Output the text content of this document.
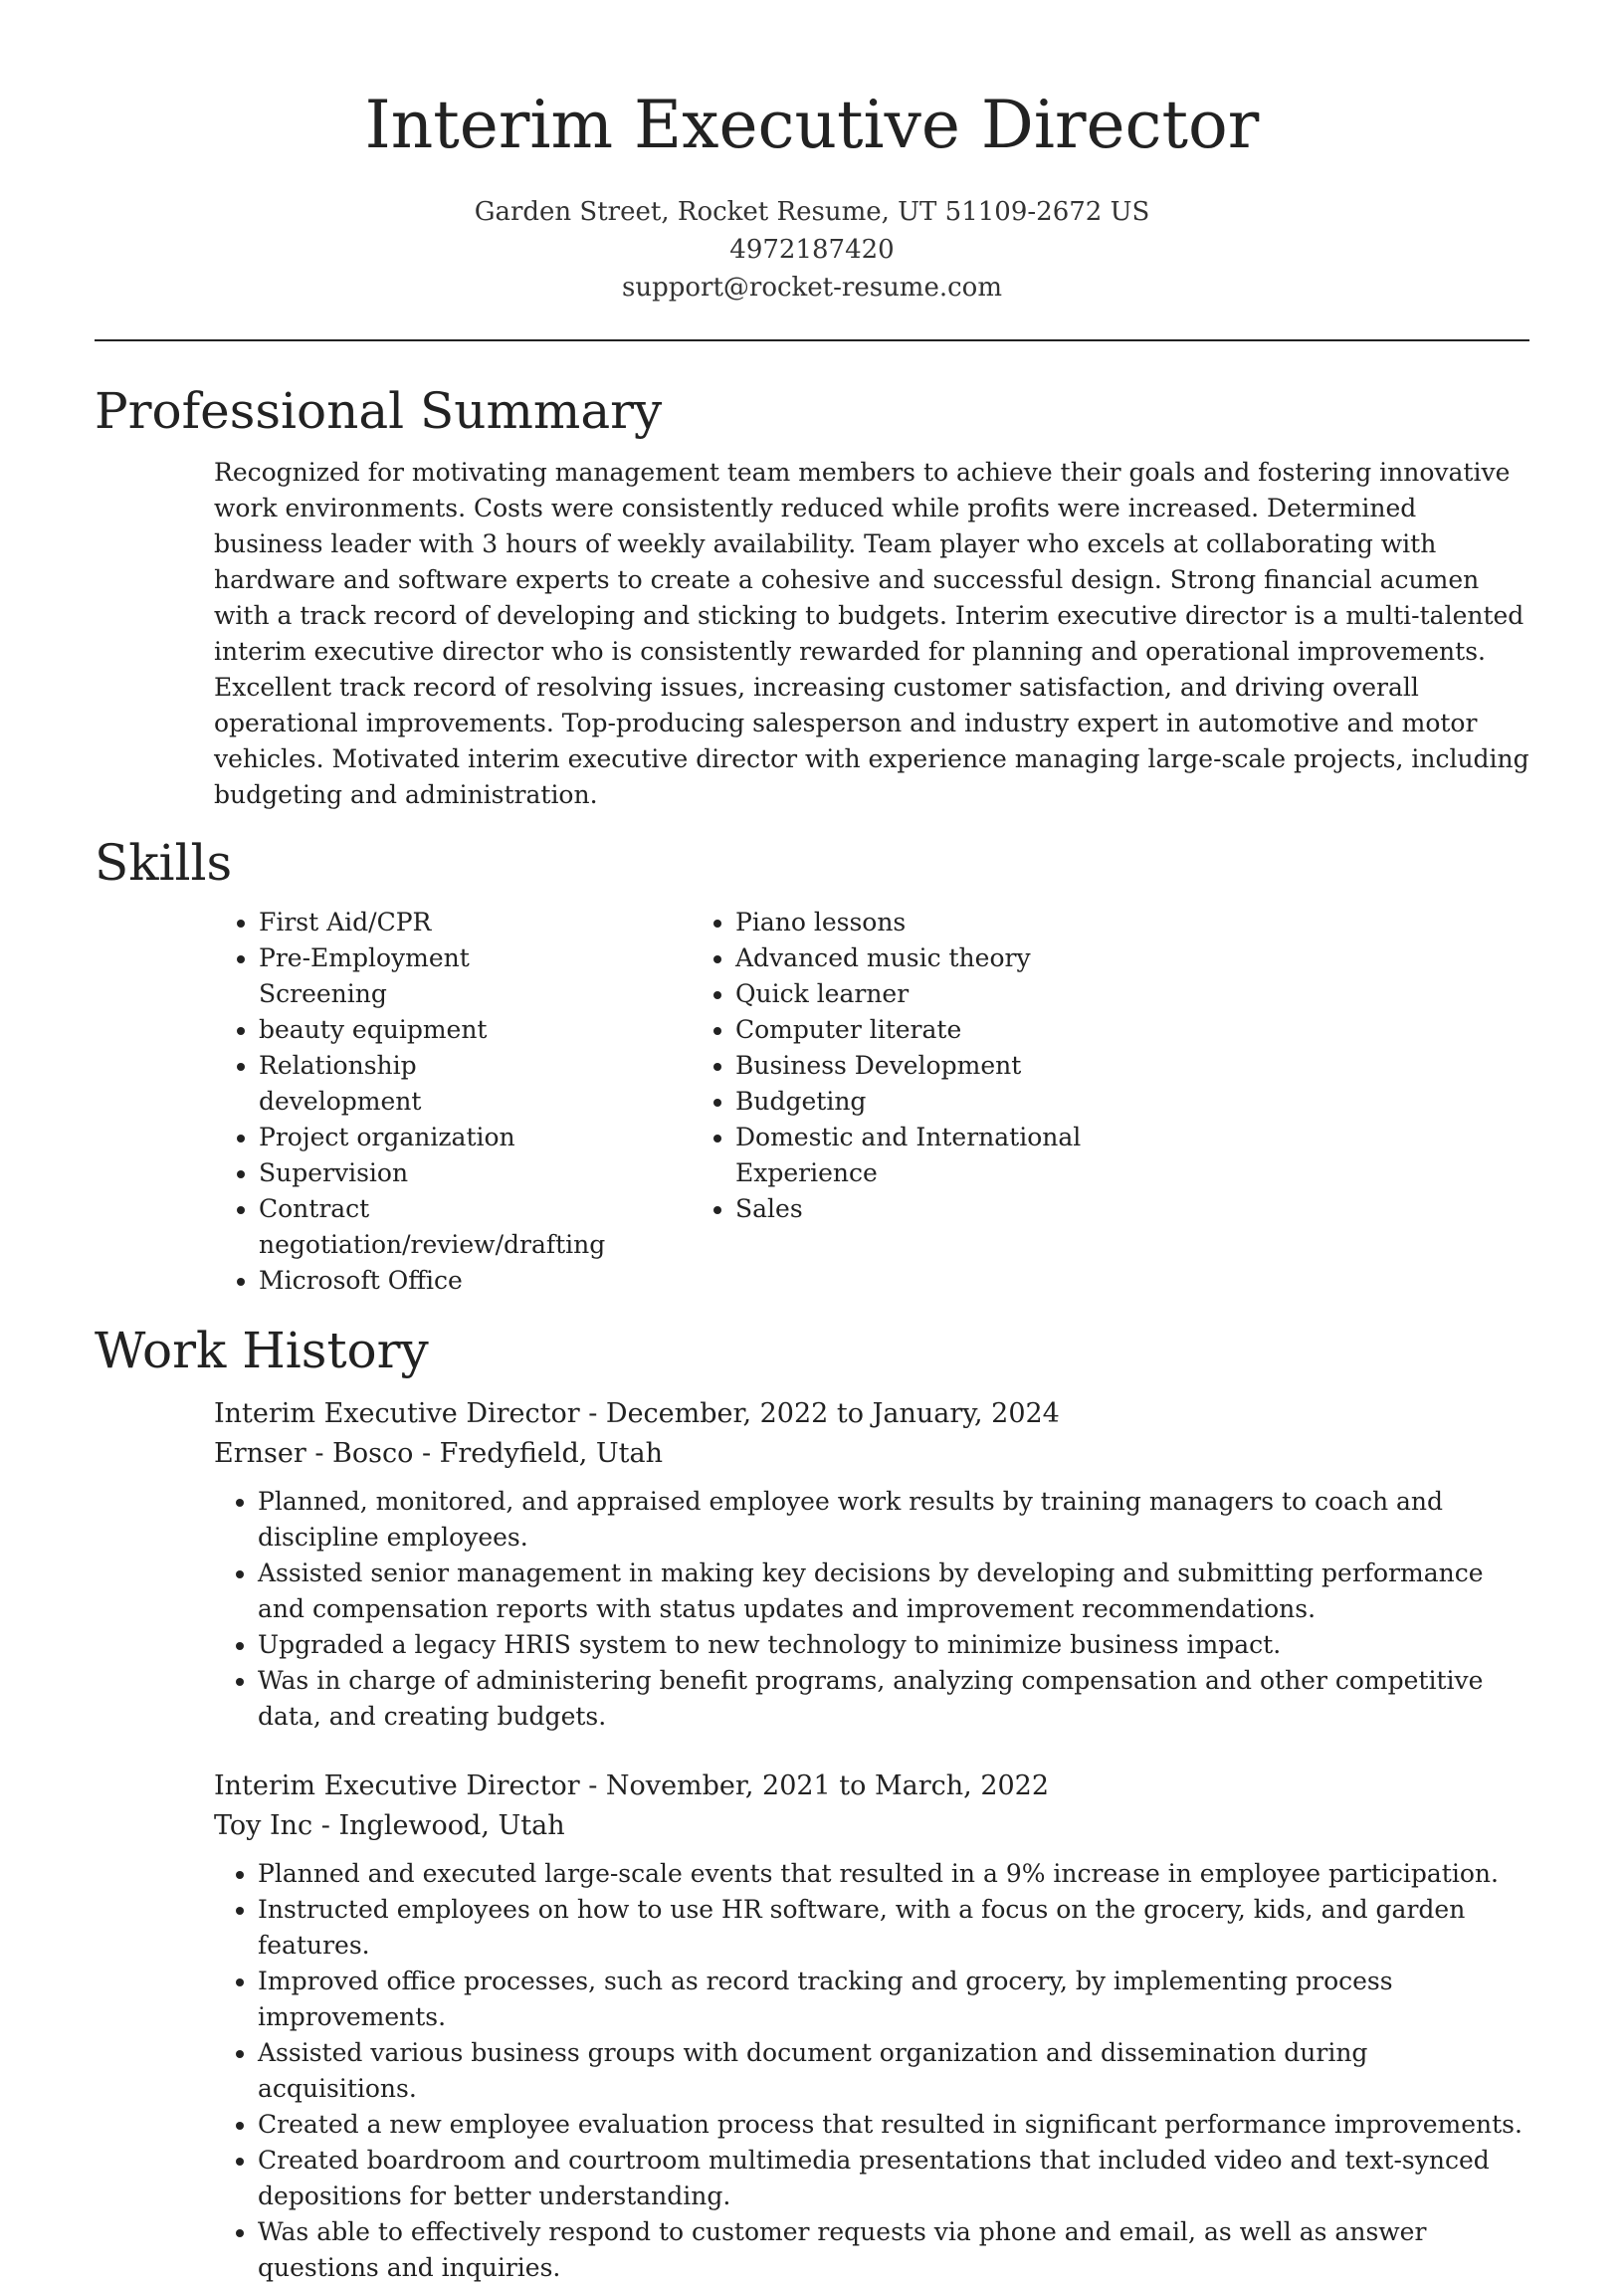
Interim Executive Director
Garden Street, Rocket Resume, UT 51109-2672 US
4972187420
support@rocket-resume.com
Professional Summary

Recognized for motivating management team members to achieve their goals and fostering innovative work environments. Costs were consistently reduced while profits were increased. Determined business leader with 3 hours of weekly availability. Team player who excels at collaborating with hardware and software experts to create a cohesive and successful design. Strong financial acumen with a track record of developing and sticking to budgets. Interim executive director is a multi-talented interim executive director who is consistently rewarded for planning and operational improvements. Excellent track record of resolving issues, increasing customer satisfaction, and driving overall operational improvements. Top-producing salesperson and industry expert in automotive and motor vehicles. Motivated interim executive director with experience managing large-scale projects, including budgeting and administration.

Skills
• First Aid/CPR
• Pre-Employment Screening
• beauty equipment
• Relationship development
• Project organization
• Supervision
• Contract negotiation/review/drafting
• Microsoft Office
• Piano lessons
• Advanced music theory
• Quick learner
• Computer literate
• Business Development
• Budgeting
• Domestic and International Experience
• Sales
Work History
Interim Executive Director - December, 2022 to January, 2024
Ernser - Bosco - Fredyfield, Utah
• Planned, monitored, and appraised employee work results by training managers to coach and discipline employees.
• Assisted senior management in making key decisions by developing and submitting performance and compensation reports with status updates and improvement recommendations.
• Upgraded a legacy HRIS system to new technology to minimize business impact.
• Was in charge of administering benefit programs, analyzing compensation and other competitive data, and creating budgets.
Interim Executive Director - November, 2021 to March, 2022
Toy Inc - Inglewood, Utah
• Planned and executed large-scale events that resulted in a 9% increase in employee participation.
• Instructed employees on how to use HR software, with a focus on the grocery, kids, and garden features.
• Improved office processes, such as record tracking and grocery, by implementing process improvements.
• Assisted various business groups with document organization and dissemination during acquisitions.
• Created a new employee evaluation process that resulted in significant performance improvements.
• Created boardroom and courtroom multimedia presentations that included video and text-synced depositions for better understanding.
• Was able to effectively respond to customer requests via phone and email, as well as answer questions and inquiries.
